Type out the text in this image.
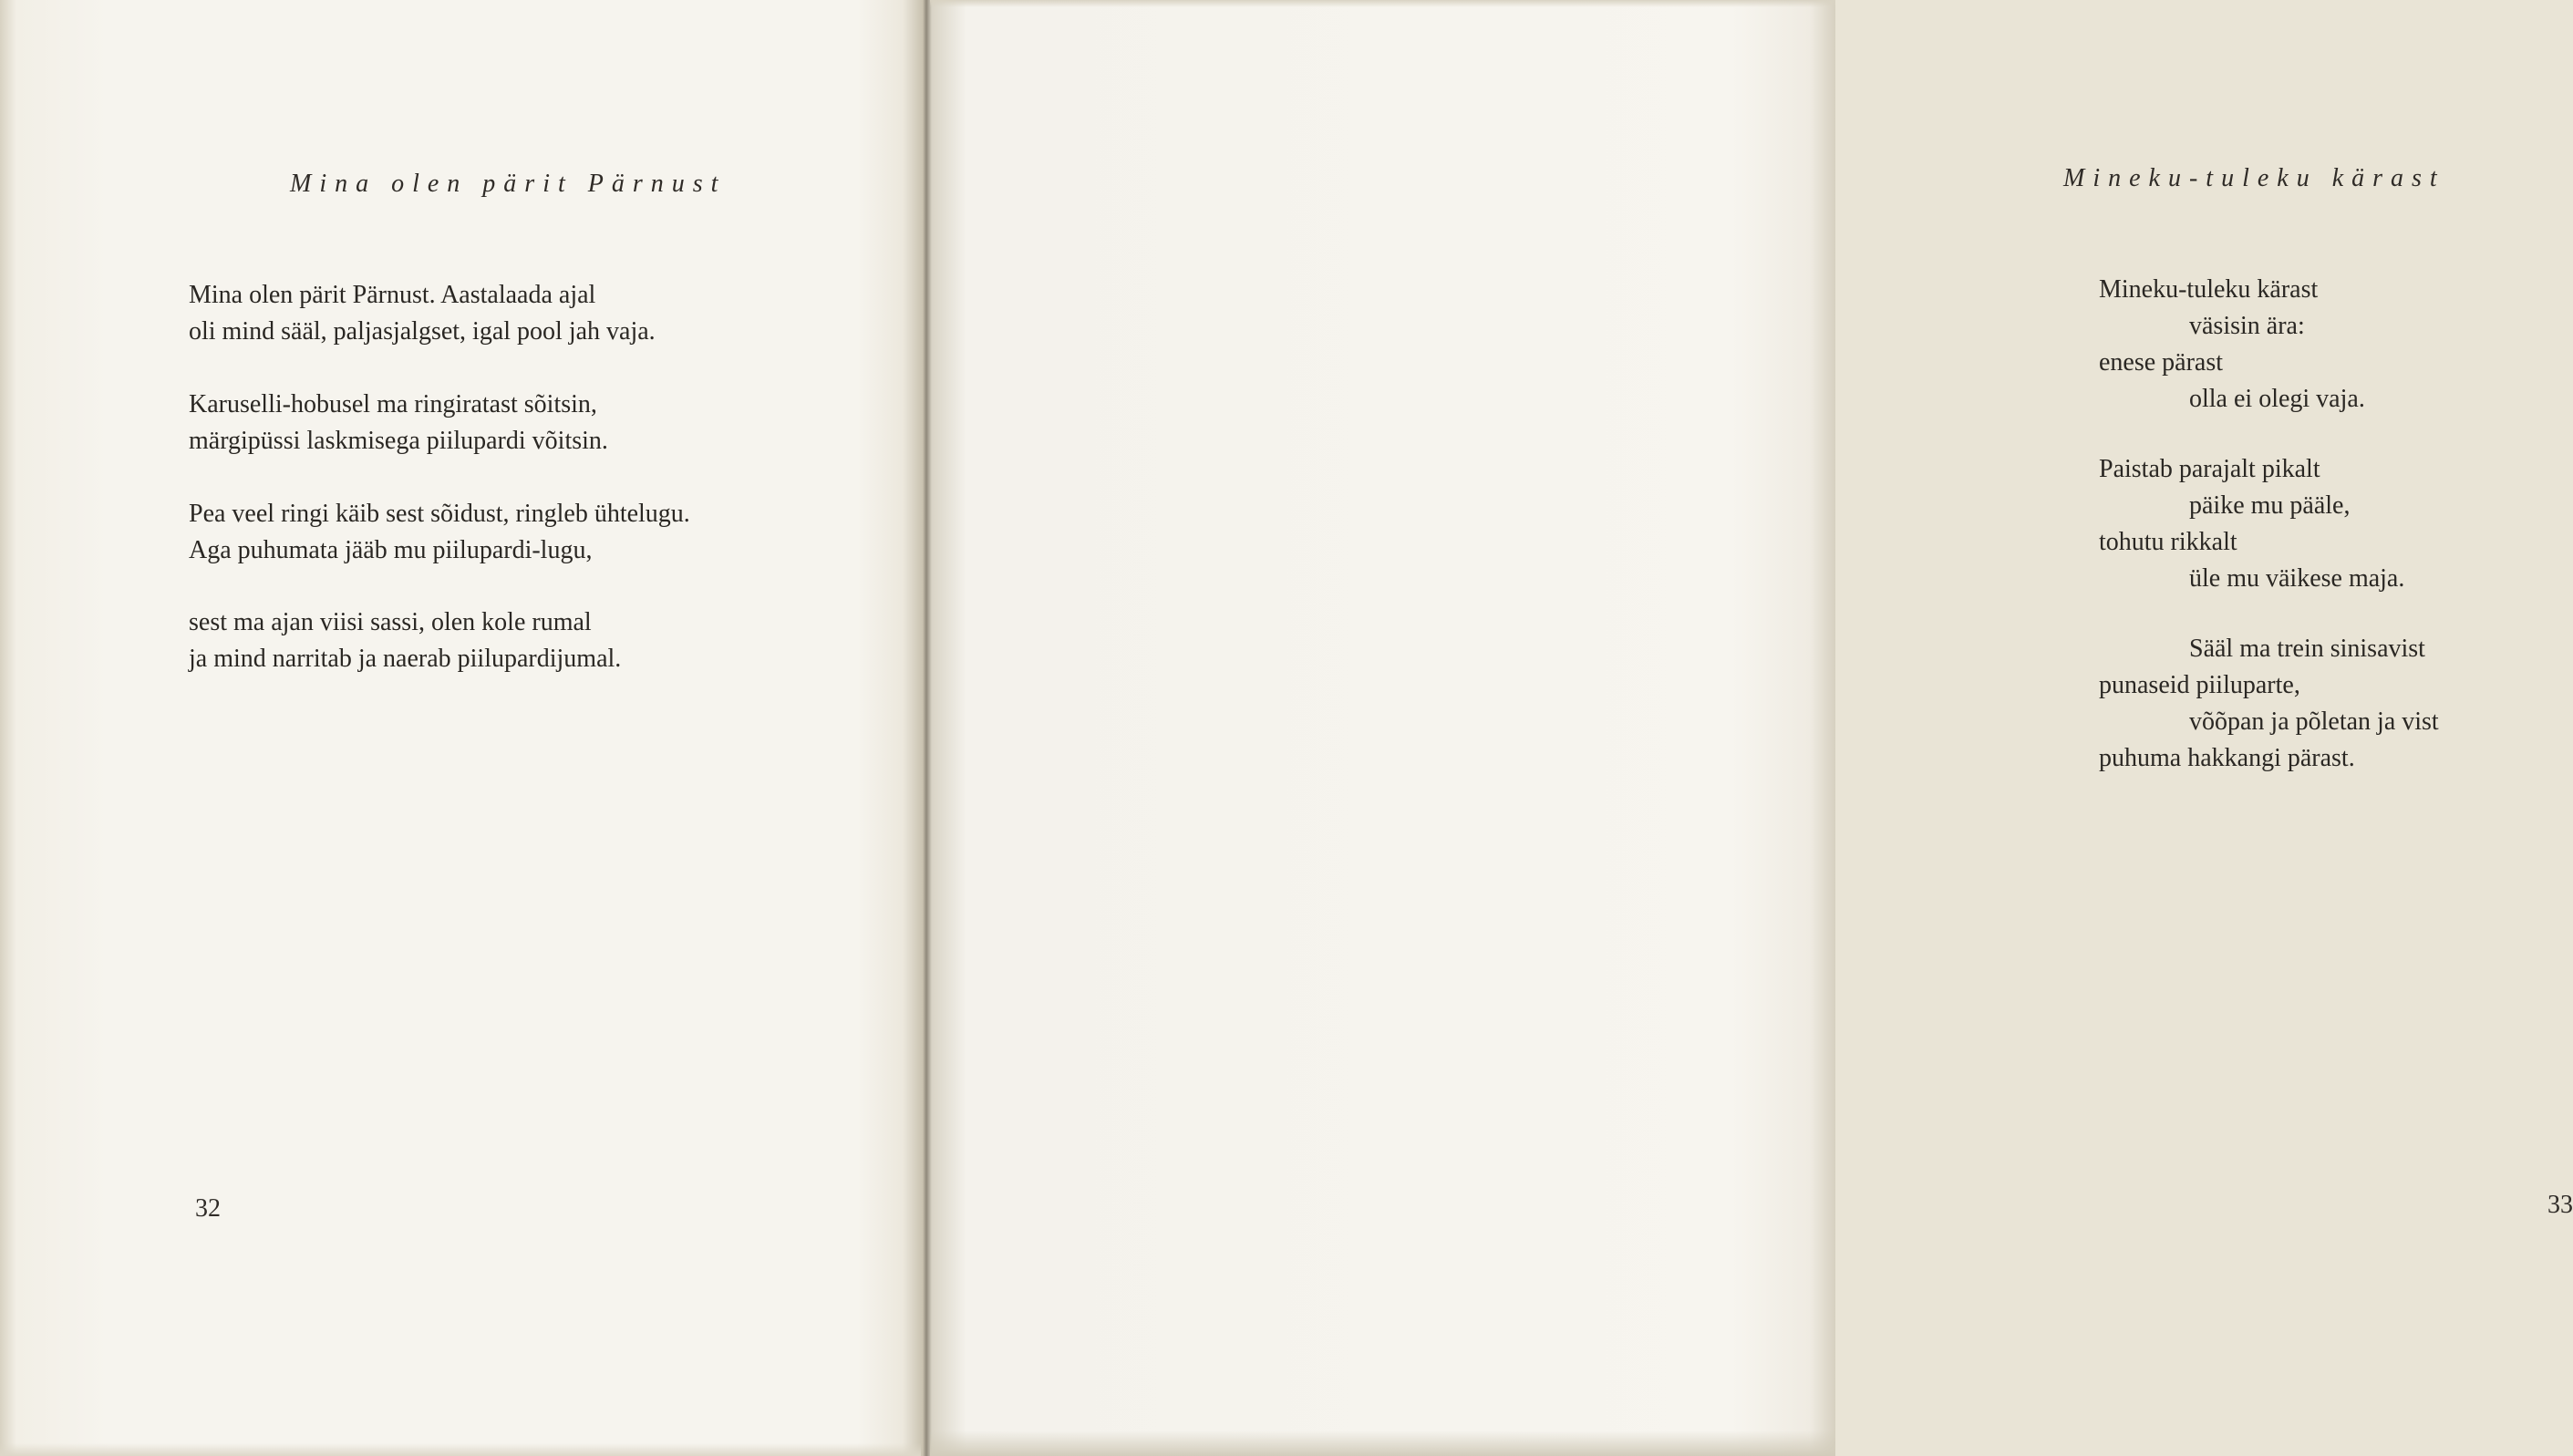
Mina olen pärit Pärnust
Mina olen pärit Pärnust. Aastalaada ajal
oli mind sääl, paljasjalgset, igal pool jah vaja.
Karuselli-hobusel ma ringiratast sõitsin,
märgipüssi laskmisega piilupardi võitsin.
Pea veel ringi käib sest sõidust, ringleb ühtelugu.
Aga puhumata jääb mu piilupardi-lugu,
sest ma ajan viisi sassi, olen kole rumal
ja mind narritab ja naerab piilupardijumal.
32
Mineku-tuleku kärast
Mineku-tuleku kärast
väsisin ära:
enese pärast
olla ei olegi vaja.
Paistab parajalt pikalt
päike mu pääle,
tohutu rikkalt
üle mu väikese maja.
Sääl ma trein sinisavist
punaseid piiluparte,
võõpan ja põletan ja vist
puhuma hakkangi pärast.
33
